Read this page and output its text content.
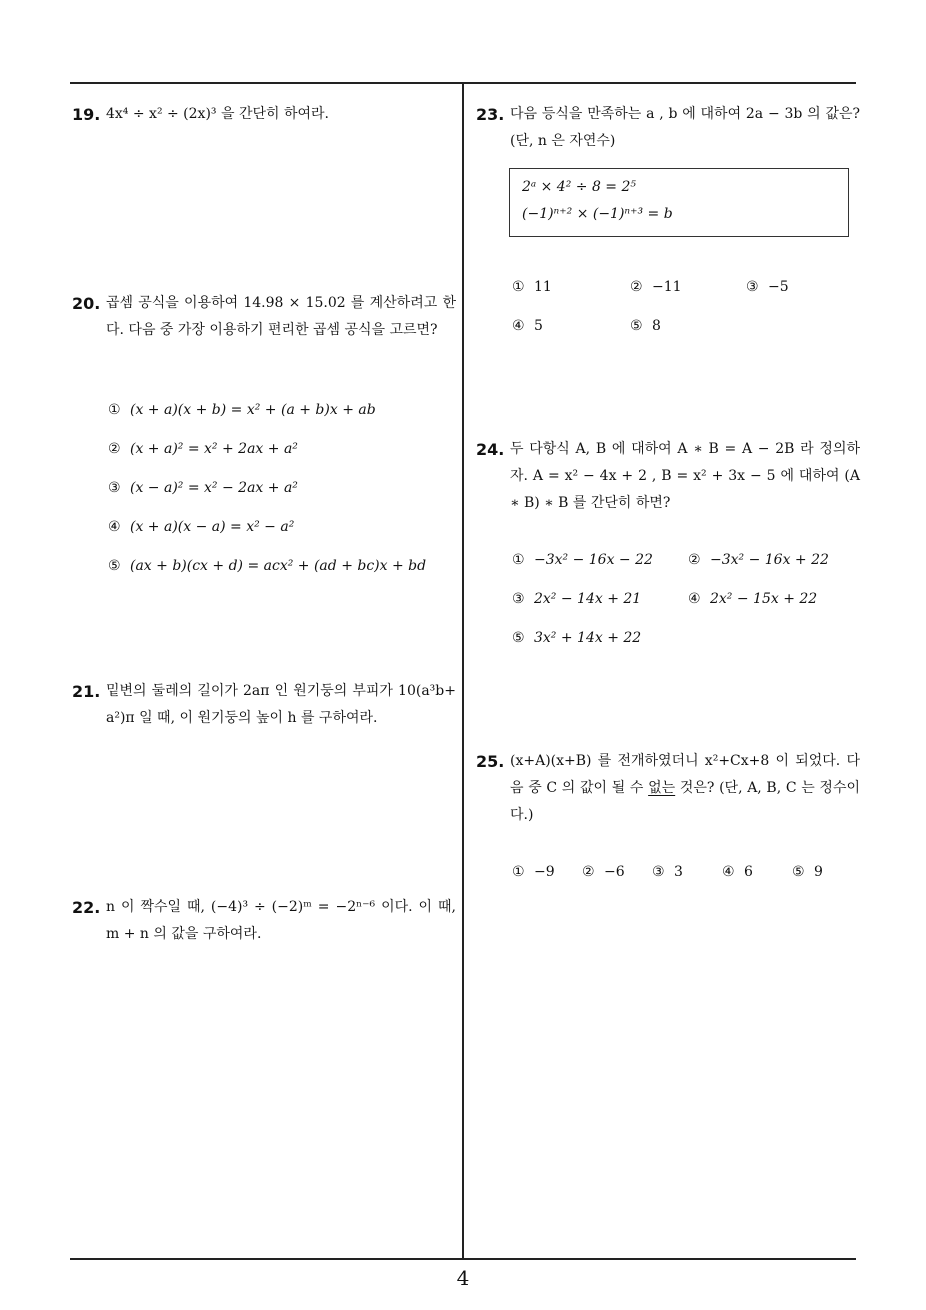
19. 4x⁴ ÷ x² ÷ (2x)³ 을 간단히 하여라.
20. 곱셈 공식을 이용하여 14.98 × 15.02 를 계산하려고 한다. 다음 중 가장 이용하기 편리한 곱셈 공식을 고르면?
① (x + a)(x + b) = x² + (a + b)x + ab
② (x + a)² = x² + 2ax + a²
③ (x − a)² = x² − 2ax + a²
④ (x + a)(x − a) = x² − a²
⑤ (ax + b)(cx + d) = acx² + (ad + bc)x + bd
21. 밑변의 둘레의 길이가 2aπ 인 원기둥의 부피가 10(a³b+ a²)π 일 때, 이 원기둥의 높이 h 를 구하여라.
22. n 이 짝수일 때, (−4)³ ÷ (−2)ᵐ = −2ⁿ⁻⁶ 이다. 이 때, m + n 의 값을 구하여라.
23. 다음 등식을 만족하는 a , b 에 대하여 2a − 3b 의 값은? (단, n 은 자연수)
2ᵃ × 4² ÷ 8 = 2⁵
(−1)ⁿ⁺² × (−1)ⁿ⁺³ = b
① 11	② −11	③ −5
④ 5	⑤ 8
24. 두 다항식 A, B 에 대하여 A ∗ B = A − 2B 라 정의하자. A = x² − 4x + 2 , B = x² + 3x − 5 에 대하여 (A ∗ B) ∗ B 를 간단히 하면?
① −3x² − 16x − 22	② −3x² − 16x + 22
③ 2x² − 14x + 21	④ 2x² − 15x + 22
⑤ 3x² + 14x + 22
25. (x+A)(x+B) 를 전개하였더니 x²+Cx+8 이 되었다. 다음 중 C 의 값이 될 수 없는 것은? (단, A, B, C 는 정수이다.)
① −9 ② −6 ③ 3	④ 6	⑤ 9
4
